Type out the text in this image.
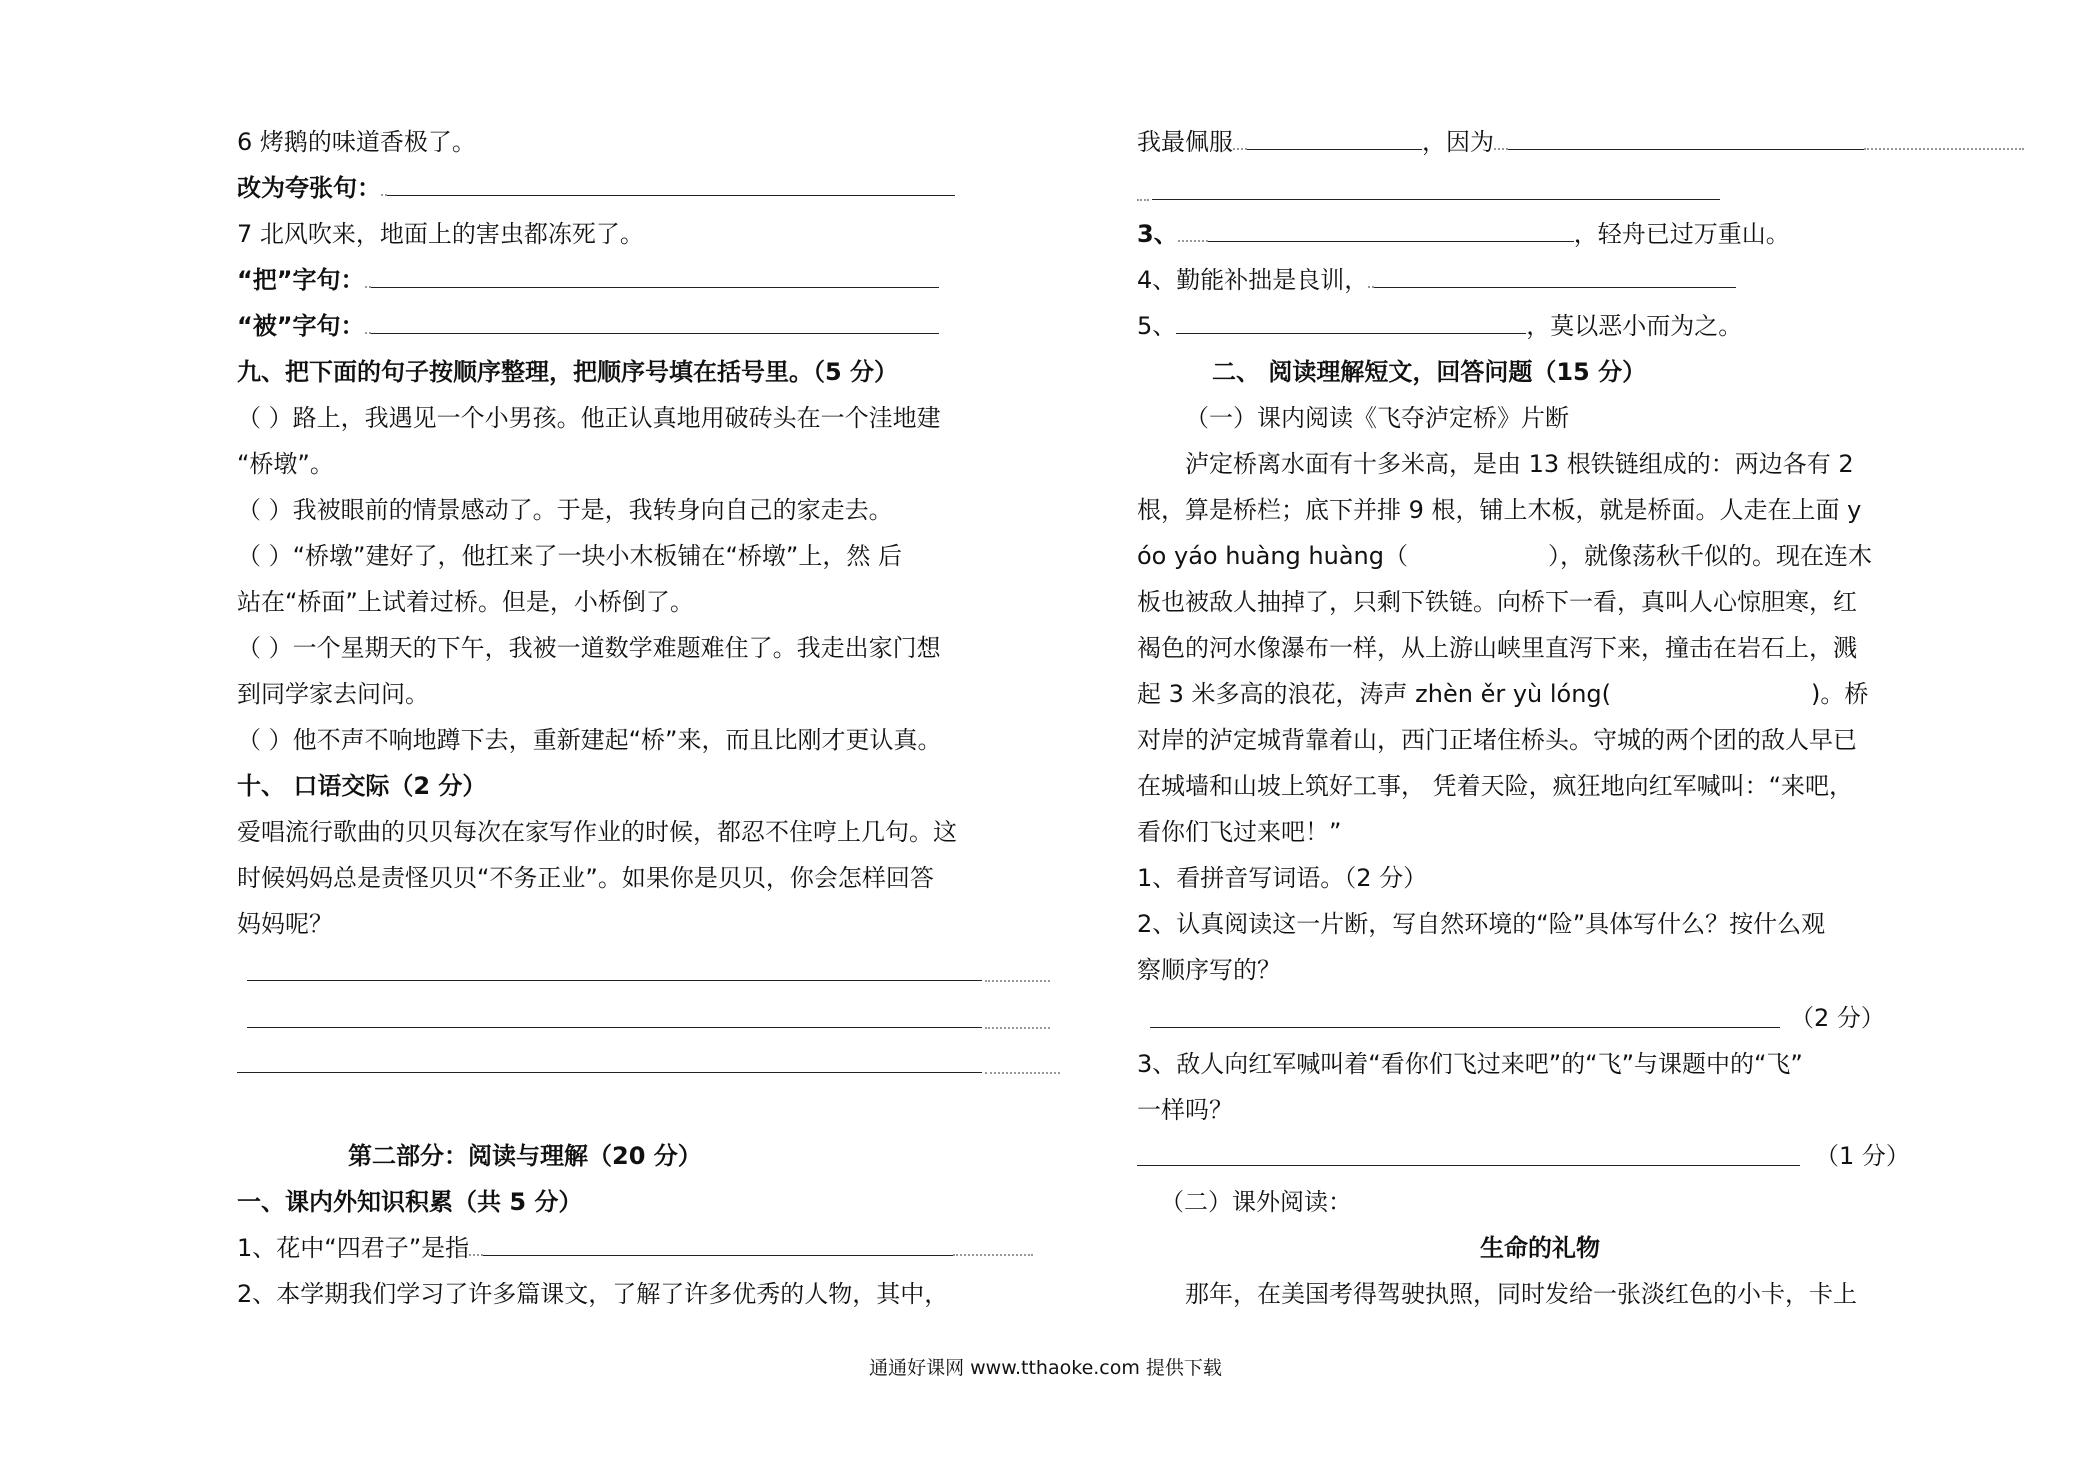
6 烤鹅的味道香极了。
改为夸张句：
7 北风吹来，地面上的害虫都冻死了。
“把”字句：
“被”字句：
九、把下面的句子按顺序整理，把顺序号填在括号里。（5 分）
（ ）路上，我遇见一个小男孩。他正认真地用破砖头在一个洼地建
“桥墩”。
（ ）我被眼前的情景感动了。于是，我转身向自己的家走去。
（ ）“桥墩”建好了，他扛来了一块小木板铺在“桥墩”上，然 后
站在“桥面”上试着过桥。但是，小桥倒了。
（ ）一个星期天的下午，我被一道数学难题难住了。我走出家门想
到同学家去问问。
（ ）他不声不响地蹲下去，重新建起“桥”来，而且比刚才更认真。
十、 口语交际（2 分）
爱唱流行歌曲的贝贝每次在家写作业的时候，都忍不住哼上几句。这
时候妈妈总是责怪贝贝“不务正业”。如果你是贝贝，你会怎样回答
妈妈呢？
第二部分：阅读与理解（20 分）
一、课内外知识积累（共 5 分）
1、花中“四君子”是指
2、本学期我们学习了许多篇课文，了解了许多优秀的人物，其中，
我最佩服	，因为
3、	，轻舟已过万重山。
4、勤能补拙是良训，
5、	，莫以恶小而为之。
二、 阅读理解短文，回答问题（15 分）
（一）课内阅读《飞夺泸定桥》片断
泸定桥离水面有十多米高，是由 13 根铁链组成的：两边各有 2
根，算是桥栏；底下并排 9 根，铺上木板，就是桥面。人走在上面 y
óo yáo huàng huàng（	），就像荡秋千似的。现在连木
板也被敌人抽掉了，只剩下铁链。向桥下一看，真叫人心惊胆寒，红
褐色的河水像瀑布一样，从上游山峡里直泻下来，撞击在岩石上，溅
起 3 米多高的浪花，涛声 zhèn ěr yù lóng(	)。桥
对岸的泸定城背靠着山，西门正堵住桥头。守城的两个团的敌人早已
在城墙和山坡上筑好工事， 凭着天险，疯狂地向红军喊叫：“来吧，
看你们飞过来吧！”
1、看拼音写词语。（2 分）
2、认真阅读这一片断，写自然环境的“险”具体写什么？按什么观
察顺序写的？
（2 分）
3、敌人向红军喊叫着“看你们飞过来吧”的“飞”与课题中的“飞”
一样吗？
（1 分）
（二）课外阅读：
生命的礼物
那年，在美国考得驾驶执照，同时发给一张淡红色的小卡，卡上
通通好课网 www.tthaoke.com 提供下载
